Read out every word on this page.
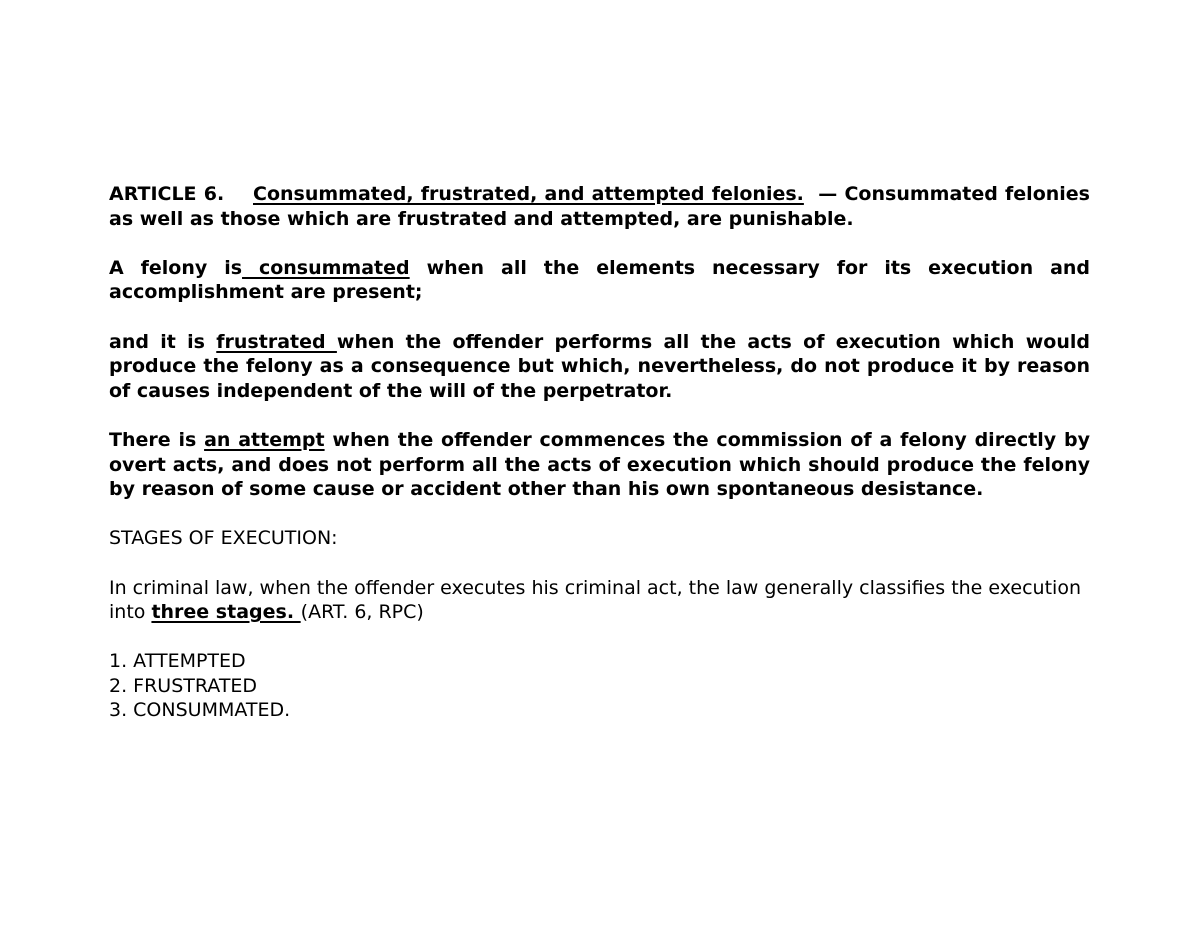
ARTICLE 6. Consummated, frustrated, and attempted felonies. — Consummated felonies as well as those which are frustrated and attempted, are punishable.

A felony is consummated when all the elements necessary for its execution and accomplishment are present;

and it is frustrated when the offender performs all the acts of execution which would produce the felony as a consequence but which, nevertheless, do not produce it by reason of causes independent of the will of the perpetrator.

There is an attempt when the offender commences the commission of a felony directly by overt acts, and does not perform all the acts of execution which should produce the felony by reason of some cause or accident other than his own spontaneous desistance.

STAGES OF EXECUTION:

In criminal law, when the offender executes his criminal act, the law generally classifies the execution into three stages. (ART. 6, RPC)

1. ATTEMPTED
2. FRUSTRATED
3. CONSUMMATED.
